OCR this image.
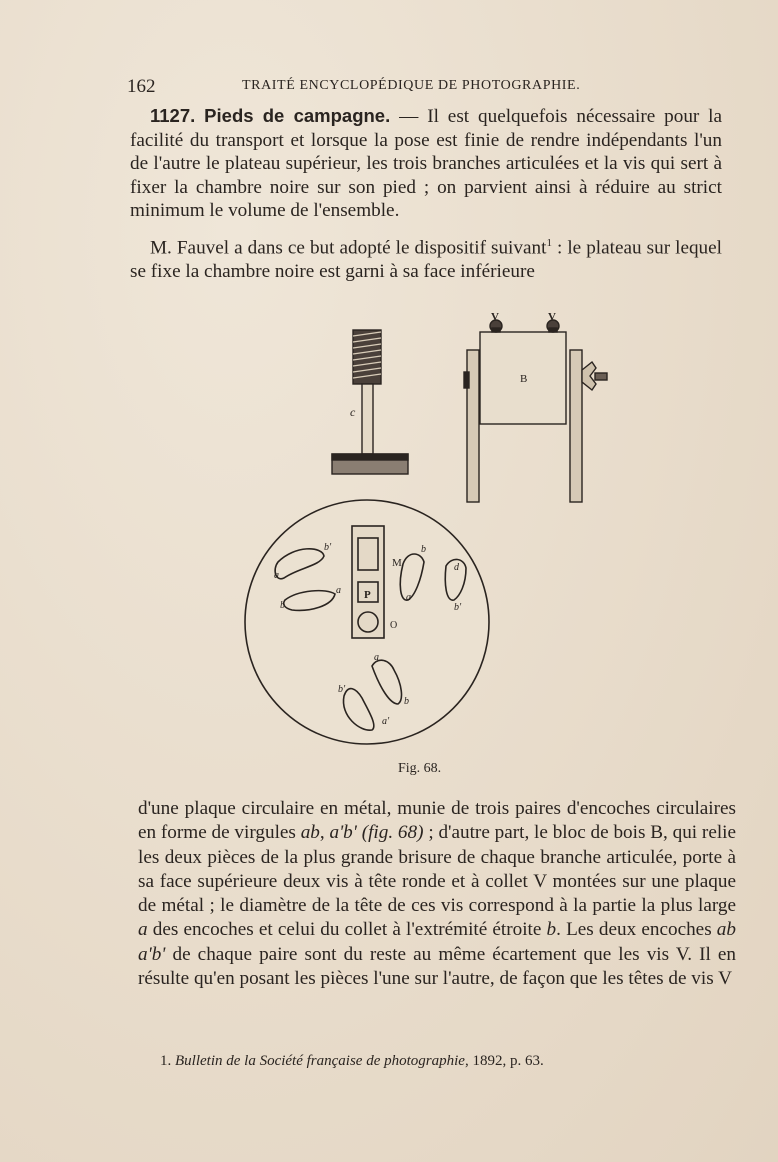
162	TRAITÉ ENCYCLOPÉDIQUE DE PHOTOGRAPHIE.
1127. Pieds de campagne. — Il est quelquefois nécessaire pour la facilité du transport et lorsque la pose est finie de rendre indépendants l'un de l'autre le plateau supérieur, les trois branches articulées et la vis qui sert à fixer la chambre noire sur son pied ; on parvient ainsi à réduire au strict minimum le volume de l'ensemble.
M. Fauvel a dans ce but adopté le dispositif suivant$^1$ : le plateau sur lequel se fixe la chambre noire est garni à sa face inférieure
c
V	V
B
M
P
O
b'
a
a
b
b
a
d
b'
a
b'
b
a'
Fig. 68.
d'une plaque circulaire en métal, munie de trois paires d'encoches circulaires en forme de virgules ab, a'b' (fig. 68) ; d'autre part, le bloc de bois B, qui relie les deux pièces de la plus grande brisure de chaque branche articulée, porte à sa face supérieure deux vis à tête ronde et à collet V montées sur une plaque de métal ; le diamètre de la tête de ces vis correspond à la partie la plus large a des encoches et celui du collet à l'extrémité étroite b. Les deux encoches ab a'b' de chaque paire sont du reste au même écartement que les vis V. Il en résulte qu'en posant les pièces l'une sur l'autre, de façon que les têtes de vis V
1. Bulletin de la Société française de photographie, 1892, p. 63.
